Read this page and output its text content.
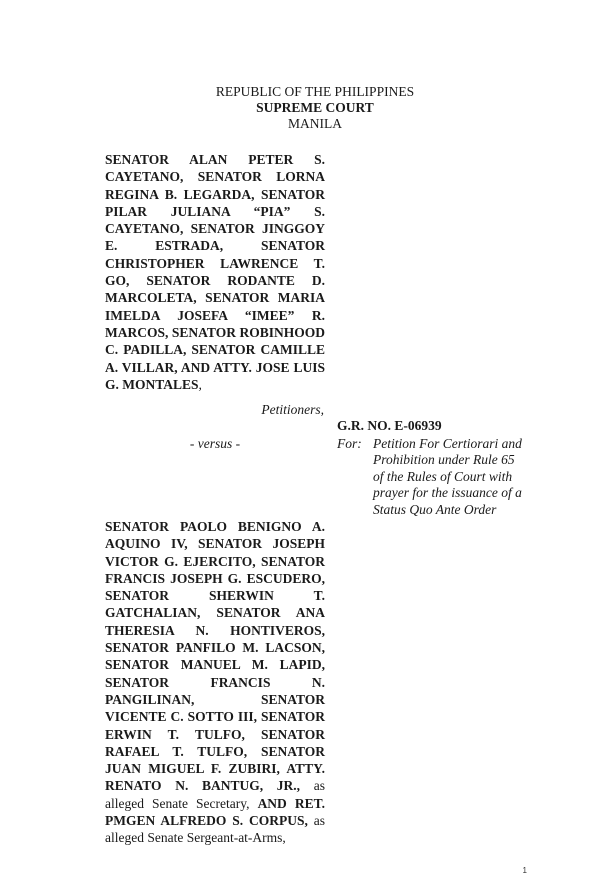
REPUBLIC OF THE PHILIPPINES
SUPREME COURT
MANILA
SENATOR ALAN PETER S. CAYETANO, SENATOR LORNA REGINA B. LEGARDA, SENATOR PILAR JULIANA “PIA” S. CAYETANO, SENATOR JINGGOY E. ESTRADA, SENATOR CHRISTOPHER LAWRENCE T. GO, SENATOR RODANTE D. MARCOLETA, SENATOR MARIA IMELDA JOSEFA “IMEE” R. MARCOS, SENATOR ROBINHOOD C. PADILLA, SENATOR CAMILLE A. VILLAR, AND ATTY. JOSE LUIS G. MONTALES,
Petitioners,
- versus -
G.R. NO. E-06939
For: Petition For Certiorari and Prohibition under Rule 65 of the Rules of Court with prayer for the issuance of a Status Quo Ante Order
SENATOR PAOLO BENIGNO A. AQUINO IV, SENATOR JOSEPH VICTOR G. EJERCITO, SENATOR FRANCIS JOSEPH G. ESCUDERO, SENATOR SHERWIN T. GATCHALIAN, SENATOR ANA THERESIA N. HONTIVEROS, SENATOR PANFILO M. LACSON, SENATOR MANUEL M. LAPID, SENATOR FRANCIS N. PANGILINAN, SENATOR VICENTE C. SOTTO III, SENATOR ERWIN T. TULFO, SENATOR RAFAEL T. TULFO, SENATOR JUAN MIGUEL F. ZUBIRI, ATTY. RENATO N. BANTUG, JR., as alleged Senate Secretary, AND RET. PMGEN ALFREDO S. CORPUS, as alleged Senate Sergeant-at-Arms,
1
